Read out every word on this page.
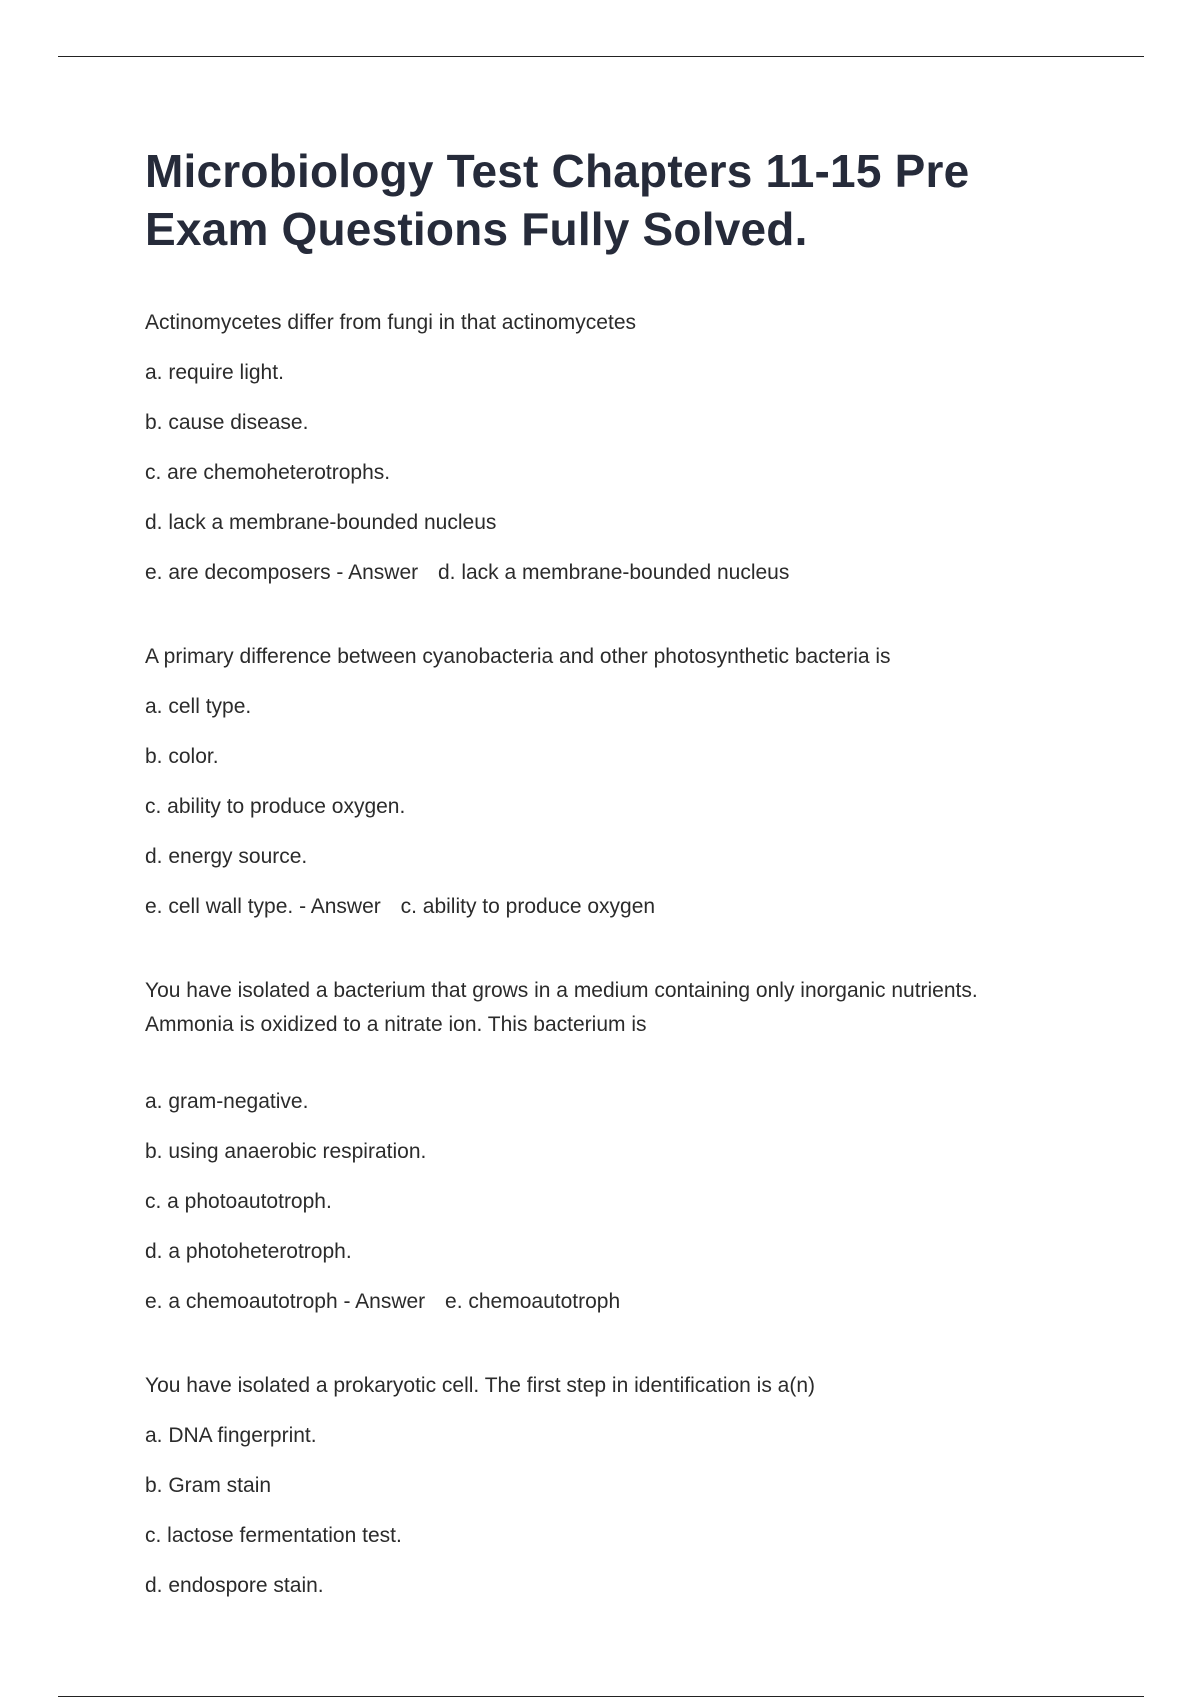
Microbiology Test Chapters 11-15 Pre Exam Questions Fully Solved.

Actinomycetes differ from fungi in that actinomycetes

a. require light.

b. cause disease.

c. are chemoheterotrophs.

d. lack a membrane-bounded nucleus

e. are decomposers - Answer d. lack a membrane-bounded nucleus

A primary difference between cyanobacteria and other photosynthetic bacteria is

a. cell type.

b. color.

c. ability to produce oxygen.

d. energy source.

e. cell wall type. - Answer c. ability to produce oxygen

You have isolated a bacterium that grows in a medium containing only inorganic nutrients. Ammonia is oxidized to a nitrate ion. This bacterium is

a. gram-negative.

b. using anaerobic respiration.

c. a photoautotroph.

d. a photoheterotroph.

e. a chemoautotroph - Answer e. chemoautotroph

You have isolated a prokaryotic cell. The first step in identification is a(n)

a. DNA fingerprint.

b. Gram stain

c. lactose fermentation test.

d. endospore stain.
